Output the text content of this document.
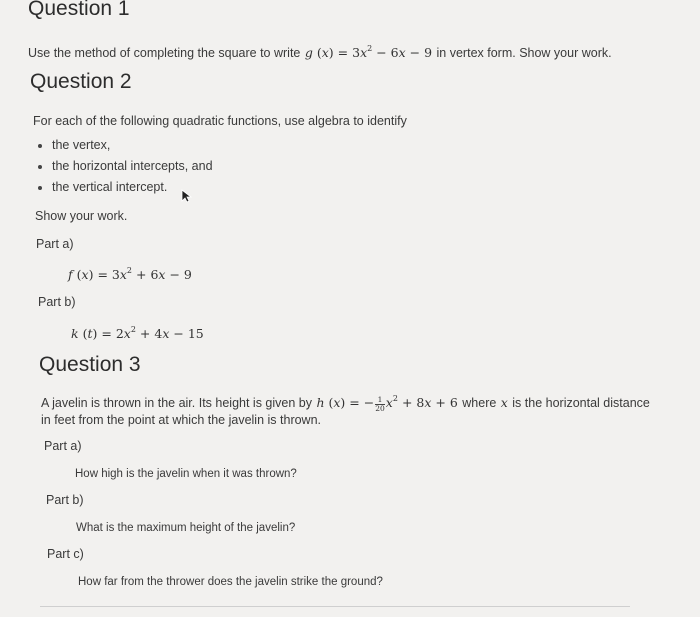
Question 1
Use the method of completing the square to write g $(x) = 3x^2 - 6x - 9$ in vertex form. Show your work.
Question 2
For each of the following quadratic functions, use algebra to identify
the vertex,
the horizontal intercepts, and
the vertical intercept.
Show your work.
Part a)
f $(x) = 3x^2 + 6x - 9$
Part b)
k $(t) = 2x^2 + 4x - 15$
Question 3
A javelin is thrown in the air. Its height is given by h (x) = − $\frac{1}{20} x^2 + 8x + 6$ where x is the horizontal distance
in feet from the point at which the javelin is thrown.
Part a)
How high is the javelin when it was thrown?
Part b)
What is the maximum height of the javelin?
Part c)
How far from the thrower does the javelin strike the ground?
